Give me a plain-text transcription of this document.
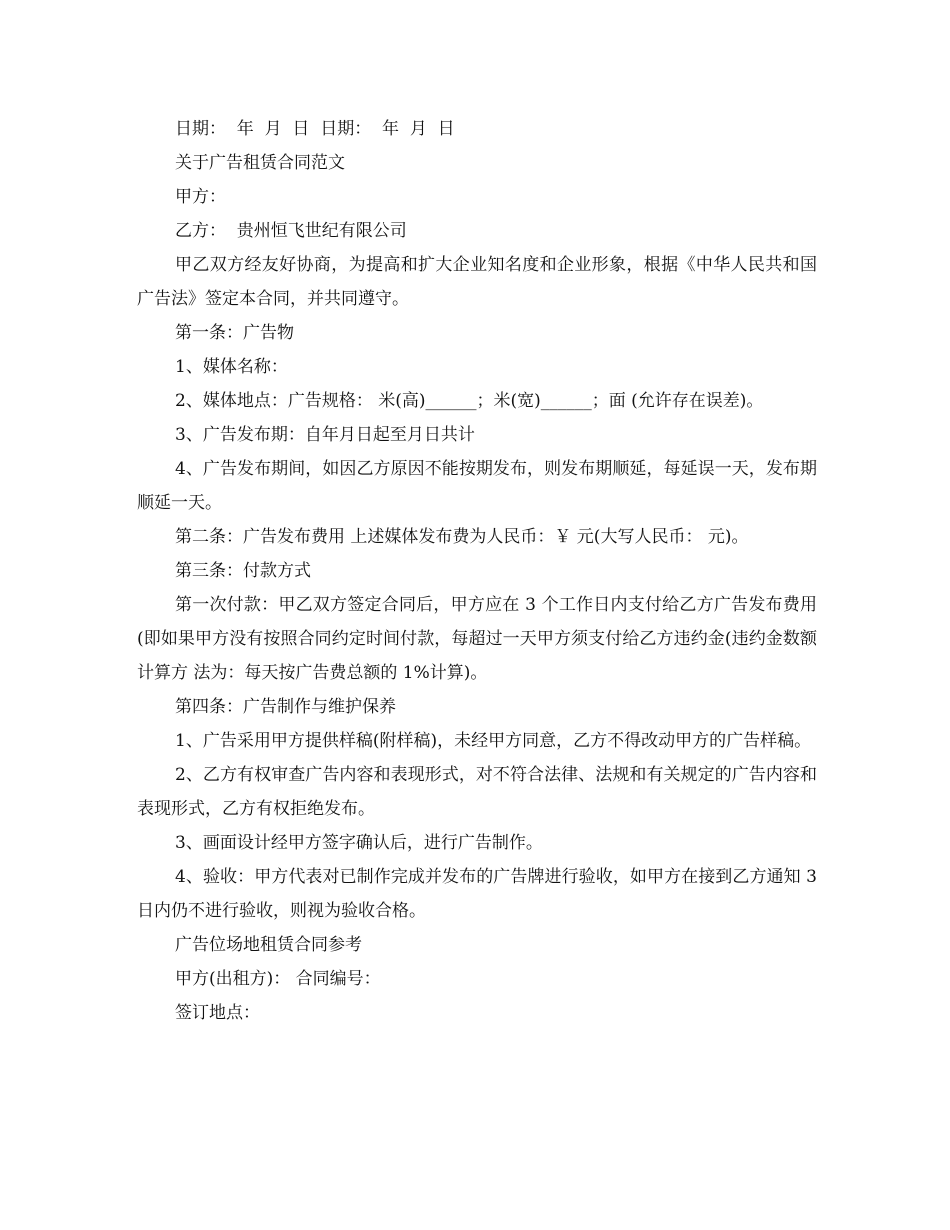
日期：  年  月  日  日期：  年  月  日

关于广告租赁合同范文

甲方：

乙方：  贵州恒飞世纪有限公司

甲乙双方经友好协商，为提高和扩大企业知名度和企业形象，根据《中华人民共和国广告法》签定本合同，并共同遵守。

第一条：广告物

1、媒体名称：

2、媒体地点：广告规格： 米(高)______；米(宽)______；面 (允许存在误差)。

3、广告发布期：自年月日起至月日共计

4、广告发布期间，如因乙方原因不能按期发布，则发布期顺延，每延误一天，发布期顺延一天。

第二条：广告发布费用 上述媒体发布费为人民币：￥ 元(大写人民币： 元)。

第三条：付款方式

第一次付款：甲乙双方签定合同后，甲方应在 3 个工作日内支付给乙方广告发布费用(即如果甲方没有按照合同约定时间付款，每超过一天甲方须支付给乙方违约金(违约金数额计算方 法为：每天按广告费总额的 1%计算)。

第四条：广告制作与维护保养

1、广告采用甲方提供样稿(附样稿)，未经甲方同意，乙方不得改动甲方的广告样稿。

2、乙方有权审查广告内容和表现形式，对不符合法律、法规和有关规定的广告内容和表现形式，乙方有权拒绝发布。

3、画面设计经甲方签字确认后，进行广告制作。

4、验收：甲方代表对已制作完成并发布的广告牌进行验收，如甲方在接到乙方通知 3 日内仍不进行验收，则视为验收合格。

广告位场地租赁合同参考

甲方(出租方)： 合同编号：

签订地点：
